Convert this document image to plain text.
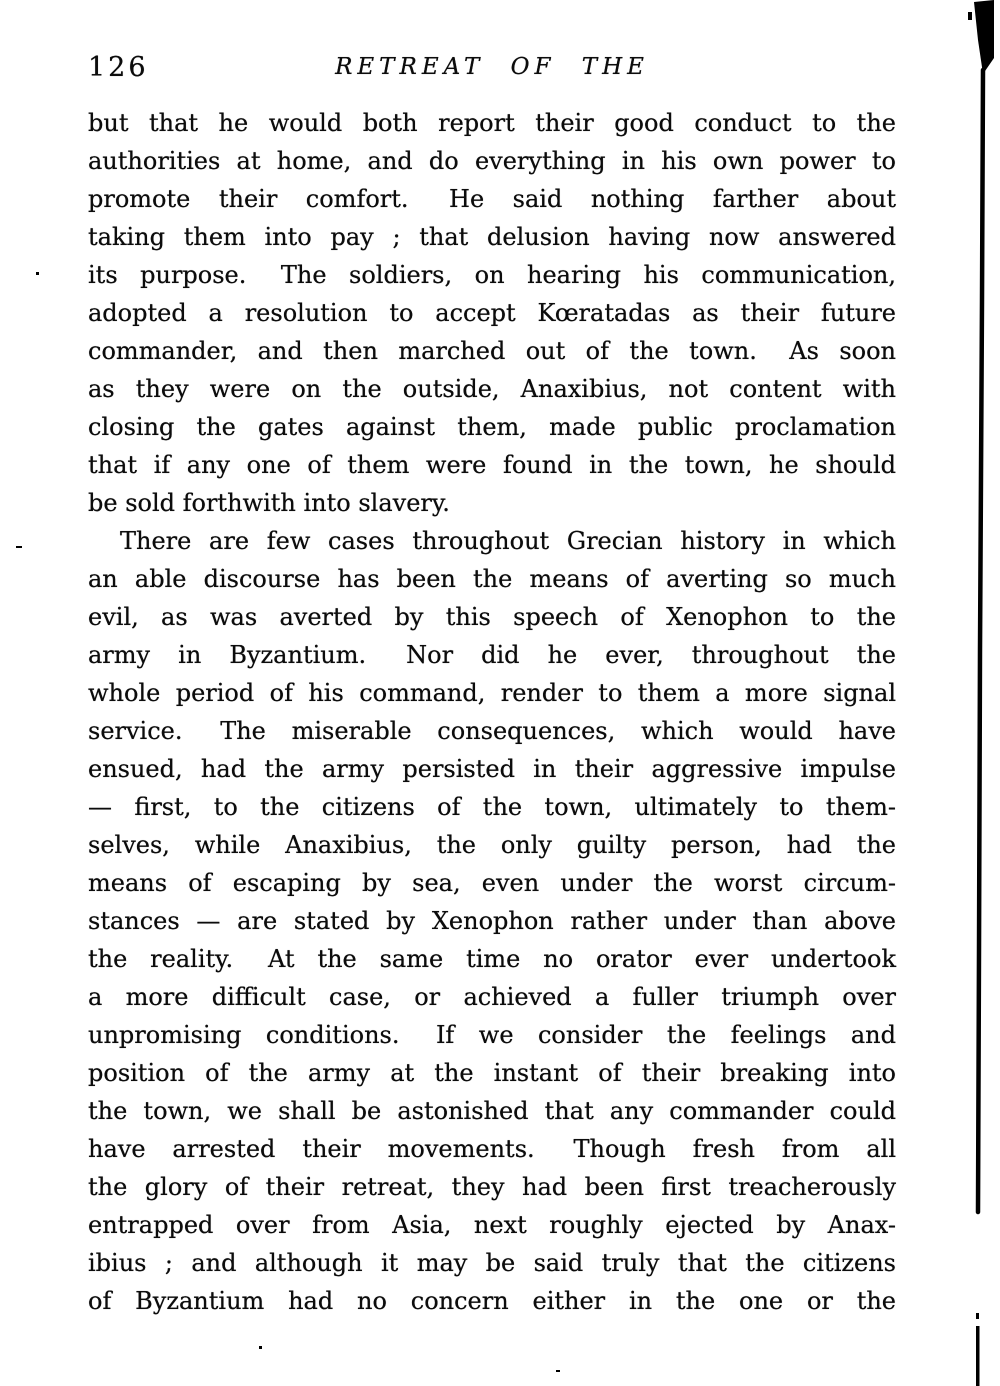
126	RETREAT OF THE
but that he would both report their good conduct to the
authorities at home, and do everything in his own power to
promote their comfort.  He said nothing farther about
taking them into pay ; that delusion having now answered
its purpose.  The soldiers, on hearing his communication,
adopted a resolution to accept Kœratadas as their future
commander, and then marched out of the town.  As soon
as they were on the outside, Anaxibius, not content with
closing the gates against them, made public proclamation
that if any one of them were found in the town, he should
be sold forthwith into slavery.
There are few cases throughout Grecian history in which
an able discourse has been the means of averting so much
evil, as was averted by this speech of Xenophon to the
army in Byzantium.  Nor did he ever, throughout the
whole period of his command, render to them a more signal
service.  The miserable consequences, which would have
ensued, had the army persisted in their aggressive impulse
— first, to the citizens of the town, ultimately to them-
selves, while Anaxibius, the only guilty person, had the
means of escaping by sea, even under the worst circum-
stances — are stated by Xenophon rather under than above
the reality.  At the same time no orator ever undertook
a more difficult case, or achieved a fuller triumph over
unpromising conditions.  If we consider the feelings and
position of the army at the instant of their breaking into
the town, we shall be astonished that any commander could
have arrested their movements.  Though fresh from all
the glory of their retreat, they had been first treacherously
entrapped over from Asia, next roughly ejected by Anax-
ibius ; and although it may be said truly that the citizens
of Byzantium had no concern either in the one or the
